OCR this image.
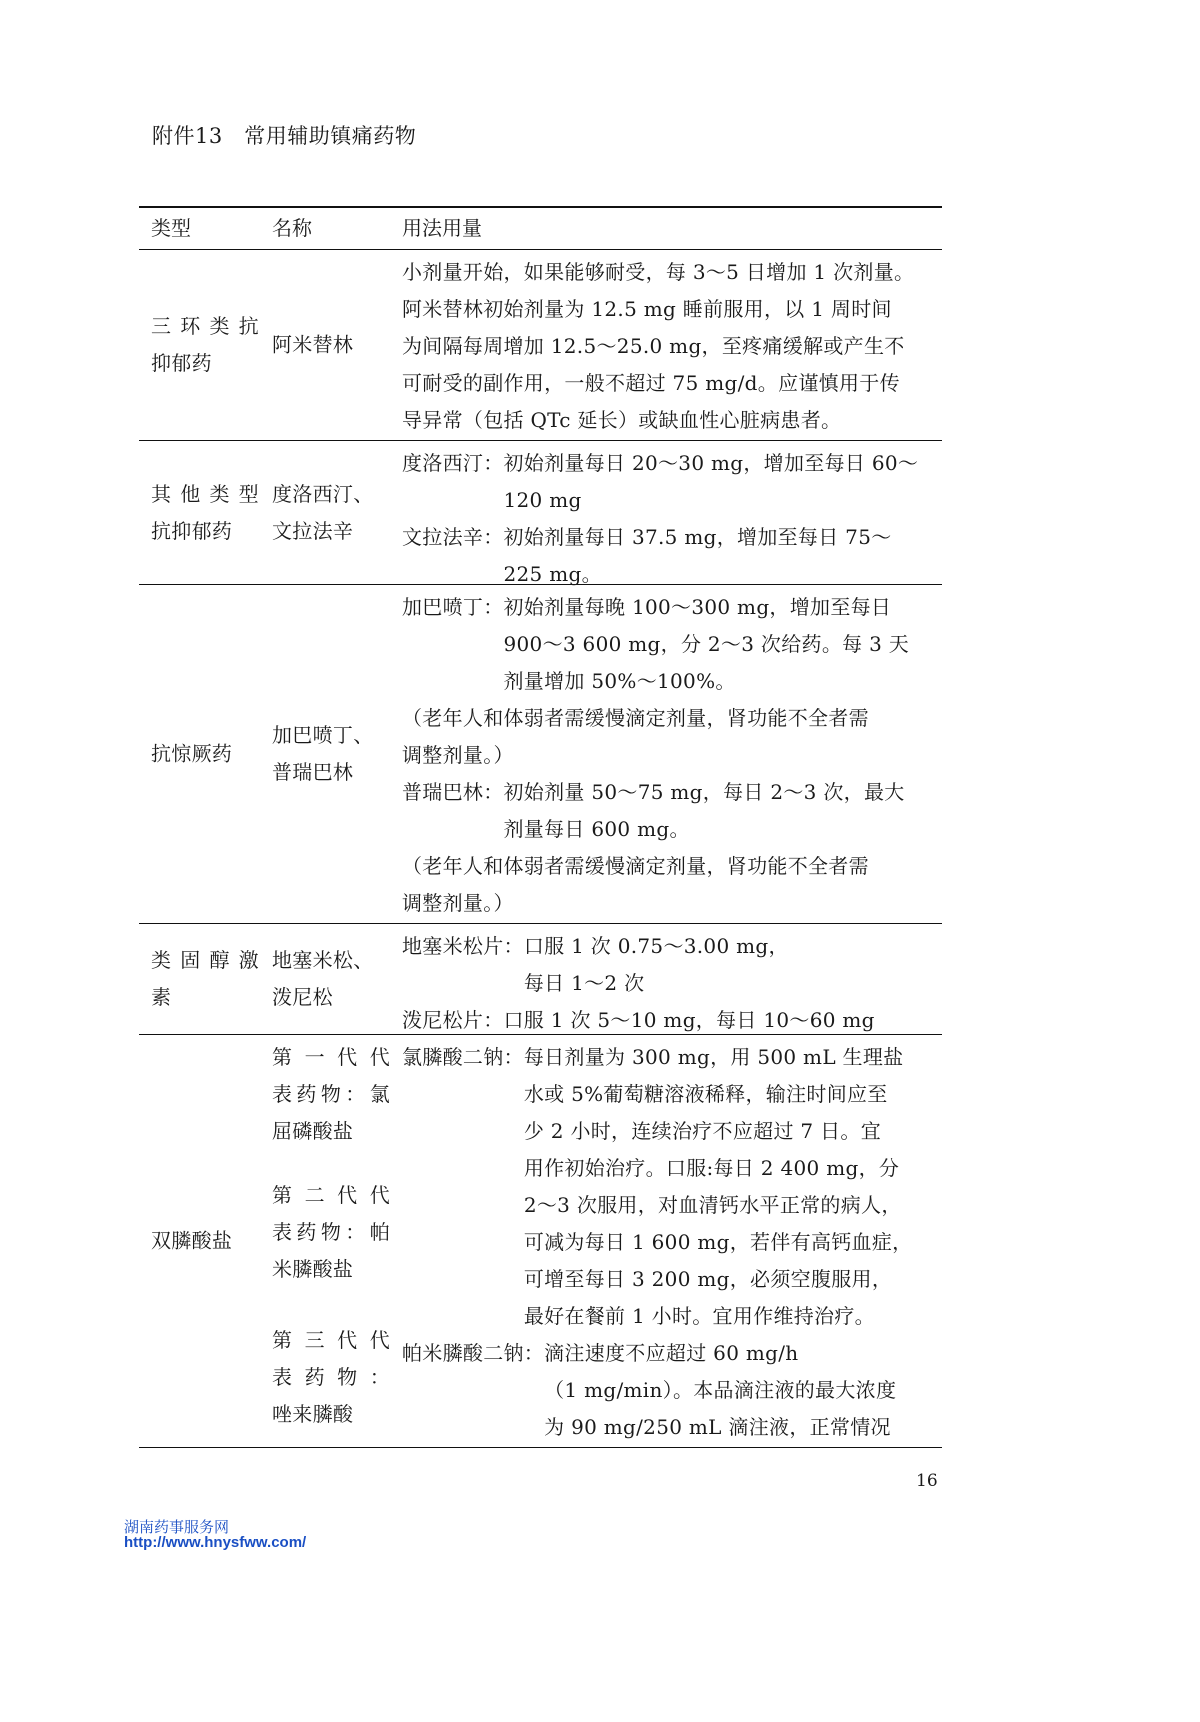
附件13　常用辅助镇痛药物
类型	名称	用法用量
三 环 类 抗
抑郁药
阿米替林
小剂量开始，如果能够耐受，每 3～5 日增加 1 次剂量。
阿米替林初始剂量为 12.5 mg 睡前服用，以 1 周时间
为间隔每周增加 12.5～25.0 mg，至疼痛缓解或产生不
可耐受的副作用，一般不超过 75 mg/d。应谨慎用于传
导异常（包括 QTc 延长）或缺血性心脏病患者。
其 他 类 型
抗抑郁药
度洛西汀、
文拉法辛
度洛西汀： 初始剂量每日 20～30 mg，增加至每日 60～
120 mg
文拉法辛： 初始剂量每日 37.5 mg，增加至每日 75～
225 mg。
抗惊厥药
加巴喷丁、
普瑞巴林
加巴喷丁： 初始剂量每晚 100～300 mg，增加至每日
900～3 600 mg，分 2～3 次给药。每 3 天
剂量增加 50%～100%。
（老年人和体弱者需缓慢滴定剂量，肾功能不全者需
调整剂量。）
普瑞巴林： 初始剂量 50～75 mg，每日 2～3 次，最大
剂量每日 600 mg。
（老年人和体弱者需缓慢滴定剂量，肾功能不全者需
调整剂量。）
类 固 醇 激
素
地塞米松、
泼尼松
地塞米松片： 口服 1 次 0.75～3.00 mg，
每日 1～2 次
泼尼松片： 口服 1 次 5～10 mg，每日 10～60 mg
双膦酸盐
第 一 代 代
表 药 物 ： 氯
屈磷酸盐
第 二 代 代
表 药 物 ： 帕
米膦酸盐
第 三 代 代
表 药 物 ：
唑来膦酸
氯膦酸二钠： 每日剂量为 300 mg，用 500 mL 生理盐
水或 5%葡萄糖溶液稀释，输注时间应至
少 2 小时，连续治疗不应超过 7 日。宜
用作初始治疗。口服:每日 2 400 mg，分
2～3 次服用，对血清钙水平正常的病人，
可减为每日 1 600 mg，若伴有高钙血症，
可增至每日 3 200 mg，必须空腹服用，
最好在餐前 1 小时。宜用作维持治疗。
帕米膦酸二钠： 滴注速度不应超过 60 mg/h
（1 mg/min）。本品滴注液的最大浓度
为 90 mg/250 mL 滴注液，正常情况
16
湖南药事服务网
http://www.hnysfww.com/
